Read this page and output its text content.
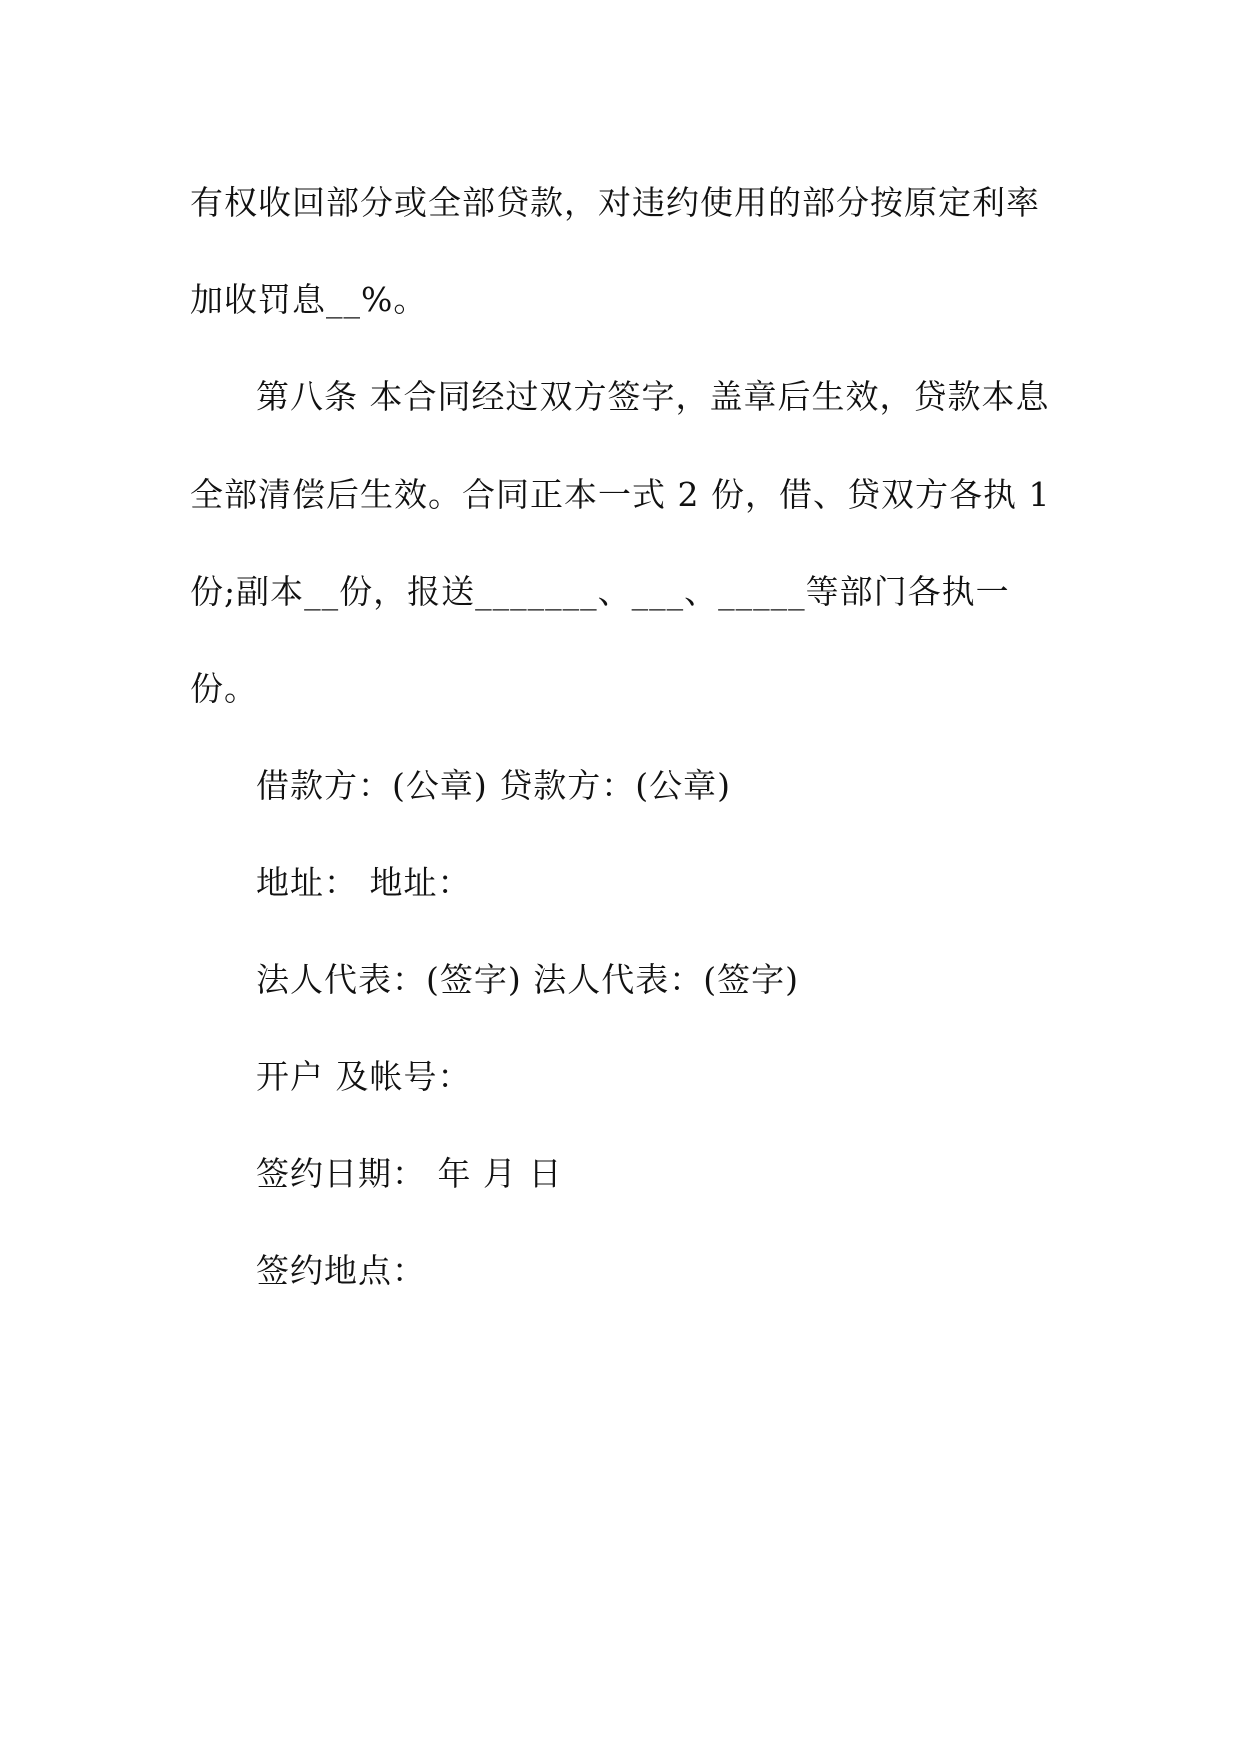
有权收回部分或全部贷款，对违约使用的部分按原定利率
加收罚息__%。
第八条 本合同经过双方签字，盖章后生效，贷款本息
全部清偿后生效。合同正本一式 2 份，借、贷双方各执 1
份;副本__份，报送_______、___、_____等部门各执一
份。
借款方：(公章) 贷款方：(公章)
地址： 地址：
法人代表：(签字) 法人代表：(签字)
开户 及帐号：
签约日期： 年 月 日
签约地点：
